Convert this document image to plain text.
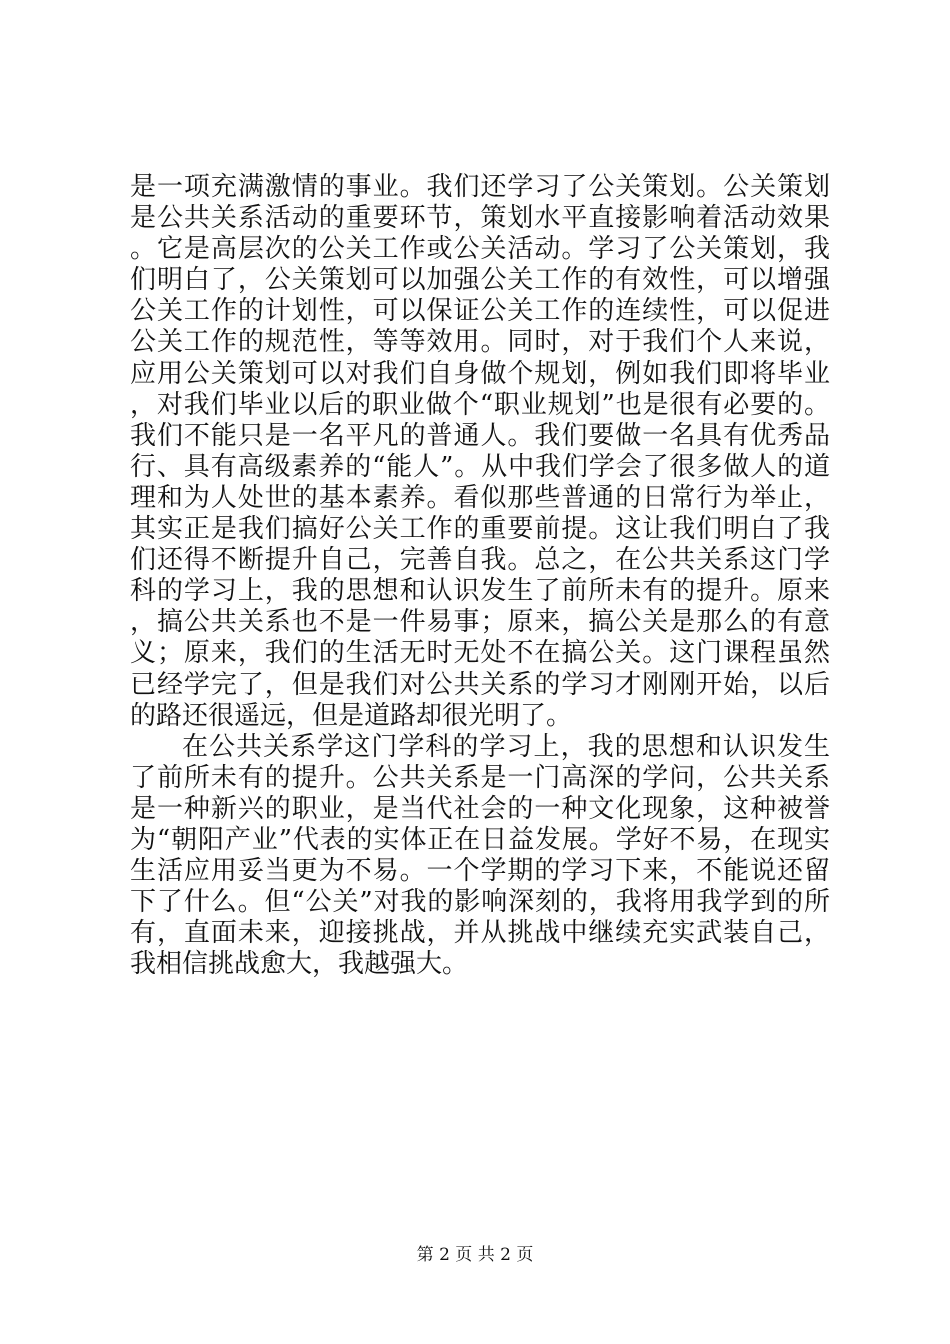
是一项充满激情的事业。我们还学习了公关策划。公关策划是公共关系活动的重要环节，策划水平直接影响着活动效果。它是高层次的公关工作或公关活动。学习了公关策划，我们明白了，公关策划可以加强公关工作的有效性，可以增强公关工作的计划性，可以保证公关工作的连续性，可以促进公关工作的规范性，等等效用。同时，对于我们个人来说，应用公关策划可以对我们自身做个规划，例如我们即将毕业，对我们毕业以后的职业做个“职业规划”也是很有必要的。我们不能只是一名平凡的普通人。我们要做一名具有优秀品行、具有高级素养的“能人”。从中我们学会了很多做人的道理和为人处世的基本素养。看似那些普通的日常行为举止，其实正是我们搞好公关工作的重要前提。这让我们明白了我们还得不断提升自己，完善自我。总之，在公共关系这门学科的学习上，我的思想和认识发生了前所未有的提升。原来，搞公共关系也不是一件易事；原来，搞公关是那么的有意义；原来，我们的生活无时无处不在搞公关。这门课程虽然已经学完了，但是我们对公共关系的学习才刚刚开始，以后的路还很遥远，但是道路却很光明了。

在公共关系学这门学科的学习上，我的思想和认识发生了前所未有的提升。公共关系是一门高深的学问，公共关系是一种新兴的职业，是当代社会的一种文化现象，这种被誉为“朝阳产业”代表的实体正在日益发展。学好不易，在现实生活应用妥当更为不易。一个学期的学习下来，不能说还留下了什么。但“公关”对我的影响深刻的，我将用我学到的所有，直面未来，迎接挑战，并从挑战中继续充实武装自己，我相信挑战愈大，我越强大。

第 2 页 共 2 页
